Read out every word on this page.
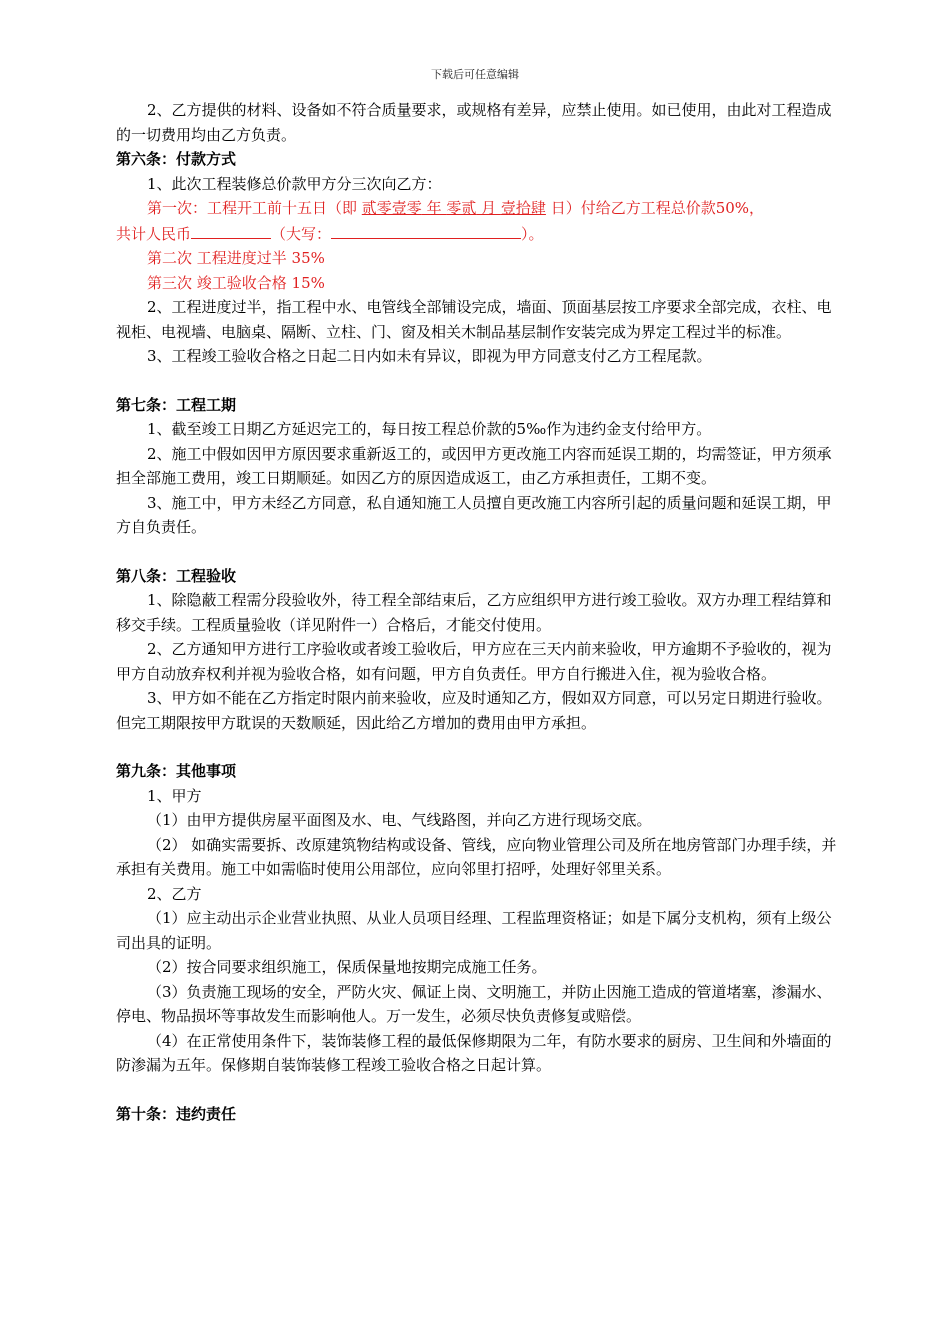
下载后可任意编辑

2、乙方提供的材料、设备如不符合质量要求，或规格有差异，应禁止使用。如已使用，由此对工程造成的一切费用均由乙方负责。

第六条：付款方式

1、此次工程装修总价款甲方分三次向乙方：

第一次：工程开工前十五日（即 贰零壹零 年 零贰 月 壹拾肆 日）付给乙方工程总价款50%，

共计人民币	（大写：	）。

第二次 工程进度过半 35%

第三次 竣工验收合格 15%

2、工程进度过半，指工程中水、电管线全部铺设完成，墙面、顶面基层按工序要求全部完成，衣柱、电视柜、电视墙、电脑桌、隔断、立柱、门、窗及相关木制品基层制作安装完成为界定工程过半的标准。

3、工程竣工验收合格之日起二日内如未有异议，即视为甲方同意支付乙方工程尾款。

第七条：工程工期

1、截至竣工日期乙方延迟完工的，每日按工程总价款的5‰作为违约金支付给甲方。

2、施工中假如因甲方原因要求重新返工的，或因甲方更改施工内容而延误工期的，均需签证，甲方须承担全部施工费用，竣工日期顺延。如因乙方的原因造成返工，由乙方承担责任，工期不变。

3、施工中，甲方未经乙方同意，私自通知施工人员擅自更改施工内容所引起的质量问题和延误工期，甲方自负责任。

第八条：工程验收

1、除隐蔽工程需分段验收外，待工程全部结束后，乙方应组织甲方进行竣工验收。双方办理工程结算和移交手续。工程质量验收（详见附件一）合格后，才能交付使用。

2、乙方通知甲方进行工序验收或者竣工验收后，甲方应在三天内前来验收，甲方逾期不予验收的，视为甲方自动放弃权利并视为验收合格，如有问题，甲方自负责任。甲方自行搬进入住，视为验收合格。

3、甲方如不能在乙方指定时限内前来验收，应及时通知乙方，假如双方同意，可以另定日期进行验收。但完工期限按甲方耽误的天数顺延，因此给乙方增加的费用由甲方承担。

第九条：其他事项

1、甲方

（1）由甲方提供房屋平面图及水、电、气线路图，并向乙方进行现场交底。

（2） 如确实需要拆、改原建筑物结构或设备、管线，应向物业管理公司及所在地房管部门办理手续，并承担有关费用。施工中如需临时使用公用部位，应向邻里打招呼，处理好邻里关系。

2、乙方

（1）应主动出示企业营业执照、从业人员项目经理、工程监理资格证；如是下属分支机构，须有上级公司出具的证明。

（2）按合同要求组织施工，保质保量地按期完成施工任务。

（3）负责施工现场的安全，严防火灾、佩证上岗、文明施工，并防止因施工造成的管道堵塞，渗漏水、停电、物品损坏等事故发生而影响他人。万一发生，必须尽快负责修复或赔偿。

（4）在正常使用条件下，装饰装修工程的最低保修期限为二年，有防水要求的厨房、卫生间和外墙面的防渗漏为五年。保修期自装饰装修工程竣工验收合格之日起计算。

第十条：违约责任
